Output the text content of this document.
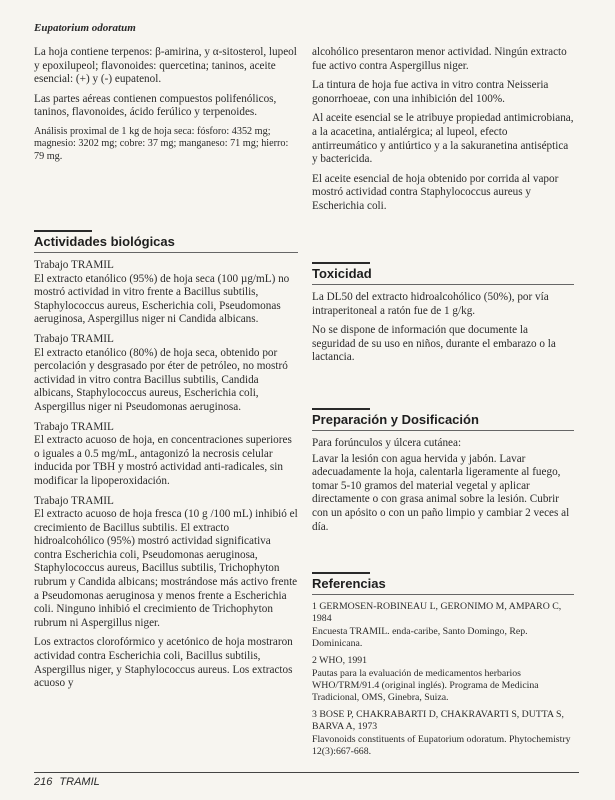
Eupatorium odoratum

La hoja contiene terpenos: β-amirina, y α-sitosterol, lupeol y epoxilupeol; flavonoides: quercetina; taninos, aceite esencial: (+) y (-) eupatenol.

Las partes aéreas contienen compuestos polifenólicos, taninos, flavonoides, ácido ferúlico y terpenoides.

Análisis proximal de 1 kg de hoja seca: fósforo: 4352 mg; magnesio: 3202 mg; cobre: 37 mg; manganeso: 71 mg; hierro: 79 mg.

Actividades biológicas

Trabajo TRAMIL

El extracto etanólico (95%) de hoja seca (100 µg/mL) no mostró actividad in vitro frente a Bacillus subtilis, Staphylococcus aureus, Escherichia coli, Pseudomonas aeruginosa, Aspergillus niger ni Candida albicans.

Trabajo TRAMIL

El extracto etanólico (80%) de hoja seca, obtenido por percolación y desgrasado por éter de petróleo, no mostró actividad in vitro contra Bacillus subtilis, Candida albicans, Staphylococcus aureus, Escherichia coli, Aspergillus niger ni Pseudomonas aeruginosa.

Trabajo TRAMIL

El extracto acuoso de hoja, en concentraciones superiores o iguales a 0.5 mg/mL, antagonizó la necrosis celular inducida por TBH y mostró actividad anti-radicales, sin modificar la lipoperoxidación.

Trabajo TRAMIL

El extracto acuoso de hoja fresca (10 g /100 mL) inhibió el crecimiento de Bacillus subtilis. El extracto hidroalcohólico (95%) mostró actividad significativa contra Escherichia coli, Pseudomonas aeruginosa, Staphylococcus aureus, Bacillus subtilis, Trichophyton rubrum y Candida albicans; mostrándose más activo frente a Pseudomonas aeruginosa y menos frente a Escherichia coli. Ninguno inhibió el crecimiento de Trichophyton rubrum ni Aspergillus niger.

Los extractos clorofórmico y acetónico de hoja mostraron actividad contra Escherichia coli, Bacillus subtilis, Aspergillus niger, y Staphylococcus aureus. Los extractos acuoso y

alcohólico presentaron menor actividad. Ningún extracto fue activo contra Aspergillus niger.

La tintura de hoja fue activa in vitro contra Neisseria gonorrhoeae, con una inhibición del 100%.

Al aceite esencial se le atribuye propiedad antimicrobiana, a la acacetina, antialérgica; al lupeol, efecto antirreumático y antiúrtico y a la sakuranetina antiséptica y bactericida.

El aceite esencial de hoja obtenido por corrida al vapor mostró actividad contra Staphylococcus aureus y Escherichia coli.

Toxicidad

La DL50 del extracto hidroalcohólico (50%), por vía intraperitoneal a ratón fue de 1 g/kg.

No se dispone de información que documente la seguridad de su uso en niños, durante el embarazo o la lactancia.

Preparación y Dosificación

Para forúnculos y úlcera cutánea:

Lavar la lesión con agua hervida y jabón. Lavar adecuadamente la hoja, calentarla ligeramente al fuego, tomar 5-10 gramos del material vegetal y aplicar directamente o con grasa animal sobre la lesión. Cubrir con un apósito o con un paño limpio y cambiar 2 veces al día.

Referencias

1 GERMOSEN-ROBINEAU L, GERONIMO M, AMPARO C, 1984

Encuesta TRAMIL. enda-caribe, Santo Domingo, Rep. Dominicana.

2 WHO, 1991

Pautas para la evaluación de medicamentos herbarios WHO/TRM/91.4 (original inglés). Programa de Medicina Tradicional, OMS, Ginebra, Suiza.

3 BOSE P, CHAKRABARTI D, CHAKRAVARTI S, DUTTA S, BARVA A, 1973

Flavonoids constituents of Eupatorium odoratum. Phytochemistry 12(3):667-668.

216 TRAMIL
